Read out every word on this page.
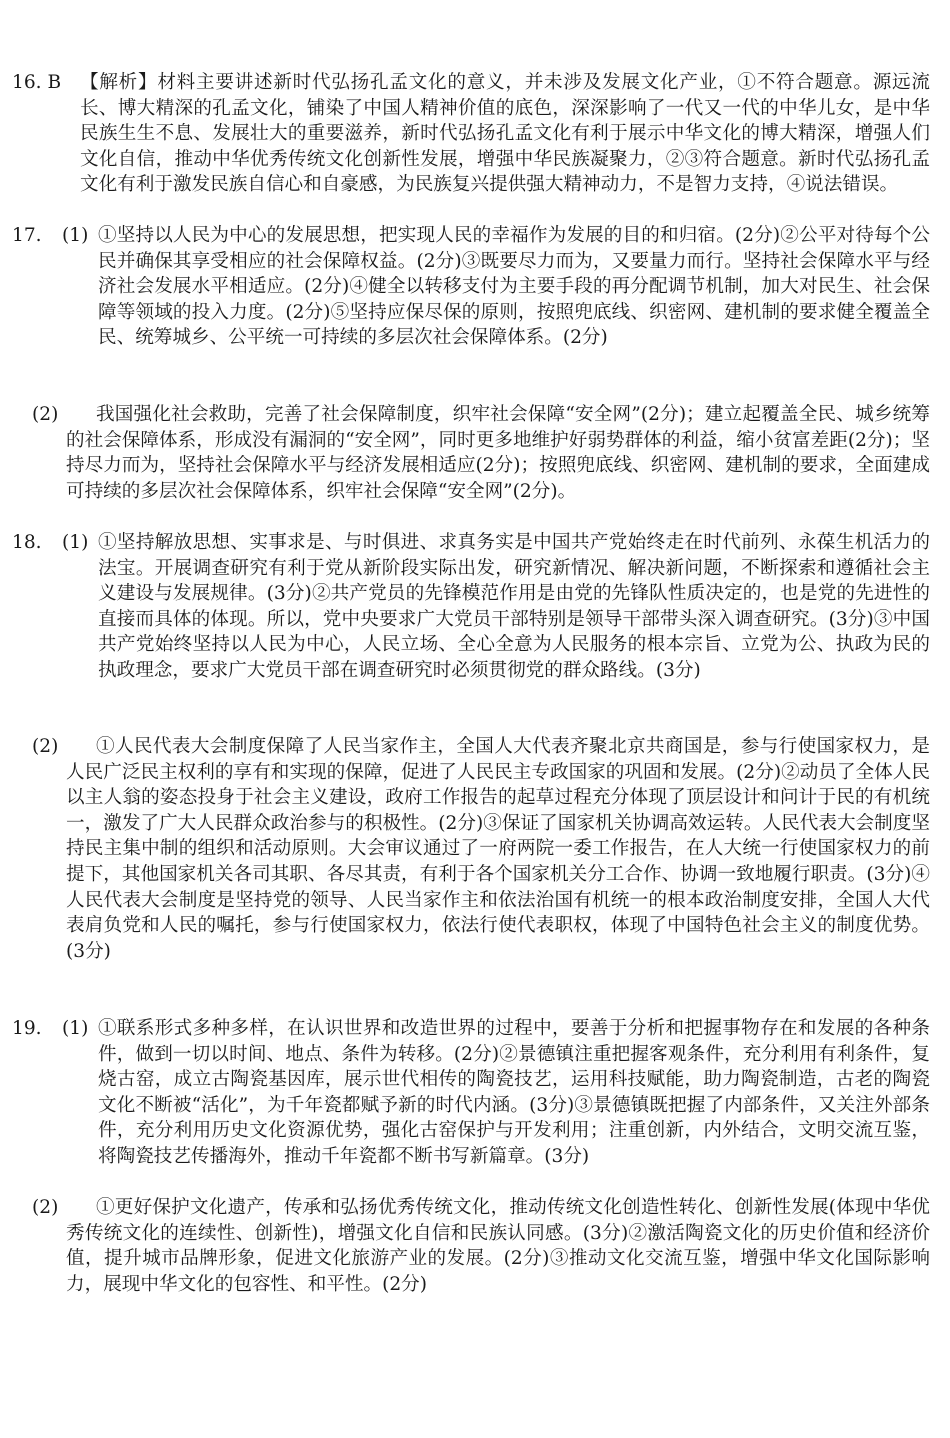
16. B	【解析】材料主要讲述新时代弘扬孔孟文化的意义，并未涉及发展文化产业，①不符合题意。源远流长、博大精深的孔孟文化，铺染了中国人精神价值的底色，深深影响了一代又一代的中华儿女，是中华民族生生不息、发展壮大的重要滋养，新时代弘扬孔孟文化有利于展示中华文化的博大精深，增强人们文化自信，推动中华优秀传统文化创新性发展，增强中华民族凝聚力，②③符合题意。新时代弘扬孔孟文化有利于激发民族自信心和自豪感，为民族复兴提供强大精神动力，不是智力支持，④说法错误。
17.	(1) ①坚持以人民为中心的发展思想，把实现人民的幸福作为发展的目的和归宿。(2分)②公平对待每个公民并确保其享受相应的社会保障权益。(2分)③既要尽力而为，又要量力而行。坚持社会保障水平与经济社会发展水平相适应。(2分)④健全以转移支付为主要手段的再分配调节机制，加大对民生、社会保障等领域的投入力度。(2分)⑤坚持应保尽保的原则，按照兜底线、织密网、建机制的要求健全覆盖全民、统筹城乡、公平统一可持续的多层次社会保障体系。(2分)
(2)	我国强化社会救助，完善了社会保障制度，织牢社会保障“安全网”(2分)；建立起覆盖全民、城乡统筹的社会保障体系，形成没有漏洞的“安全网”，同时更多地维护好弱势群体的利益，缩小贫富差距(2分)；坚持尽力而为，坚持社会保障水平与经济发展相适应(2分)；按照兜底线、织密网、建机制的要求，全面建成可持续的多层次社会保障体系，织牢社会保障“安全网”(2分)。
18.	(1) ①坚持解放思想、实事求是、与时俱进、求真务实是中国共产党始终走在时代前列、永葆生机活力的法宝。开展调查研究有利于党从新阶段实际出发，研究新情况、解决新问题，不断探索和遵循社会主义建设与发展规律。(3分)②共产党员的先锋模范作用是由党的先锋队性质决定的，也是党的先进性的直接而具体的体现。所以，党中央要求广大党员干部特别是领导干部带头深入调查研究。(3分)③中国共产党始终坚持以人民为中心，人民立场、全心全意为人民服务的根本宗旨、立党为公、执政为民的执政理念，要求广大党员干部在调查研究时必须贯彻党的群众路线。(3分)
(2)	①人民代表大会制度保障了人民当家作主，全国人大代表齐聚北京共商国是，参与行使国家权力，是人民广泛民主权利的享有和实现的保障，促进了人民民主专政国家的巩固和发展。(2分)②动员了全体人民以主人翁的姿态投身于社会主义建设，政府工作报告的起草过程充分体现了顶层设计和问计于民的有机统一，激发了广大人民群众政治参与的积极性。(2分)③保证了国家机关协调高效运转。人民代表大会制度坚持民主集中制的组织和活动原则。大会审议通过了一府两院一委工作报告，在人大统一行使国家权力的前提下，其他国家机关各司其职、各尽其责，有利于各个国家机关分工合作、协调一致地履行职责。(3分)④人民代表大会制度是坚持党的领导、人民当家作主和依法治国有机统一的根本政治制度安排，全国人大代表肩负党和人民的嘱托，参与行使国家权力，依法行使代表职权，体现了中国特色社会主义的制度优势。(3分)
19.	(1) ①联系形式多种多样，在认识世界和改造世界的过程中，要善于分析和把握事物存在和发展的各种条件，做到一切以时间、地点、条件为转移。(2分)②景德镇注重把握客观条件，充分利用有利条件，复烧古窑，成立古陶瓷基因库，展示世代相传的陶瓷技艺，运用科技赋能，助力陶瓷制造，古老的陶瓷文化不断被“活化”，为千年瓷都赋予新的时代内涵。(3分)③景德镇既把握了内部条件，又关注外部条件，充分利用历史文化资源优势，强化古窑保护与开发利用；注重创新，内外结合，文明交流互鉴，将陶瓷技艺传播海外，推动千年瓷都不断书写新篇章。(3分)
(2)	①更好保护文化遗产，传承和弘扬优秀传统文化，推动传统文化创造性转化、创新性发展(体现中华优秀传统文化的连续性、创新性)，增强文化自信和民族认同感。(3分)②激活陶瓷文化的历史价值和经济价值，提升城市品牌形象，促进文化旅游产业的发展。(2分)③推动文化交流互鉴，增强中华文化国际影响力，展现中华文化的包容性、和平性。(2分)
